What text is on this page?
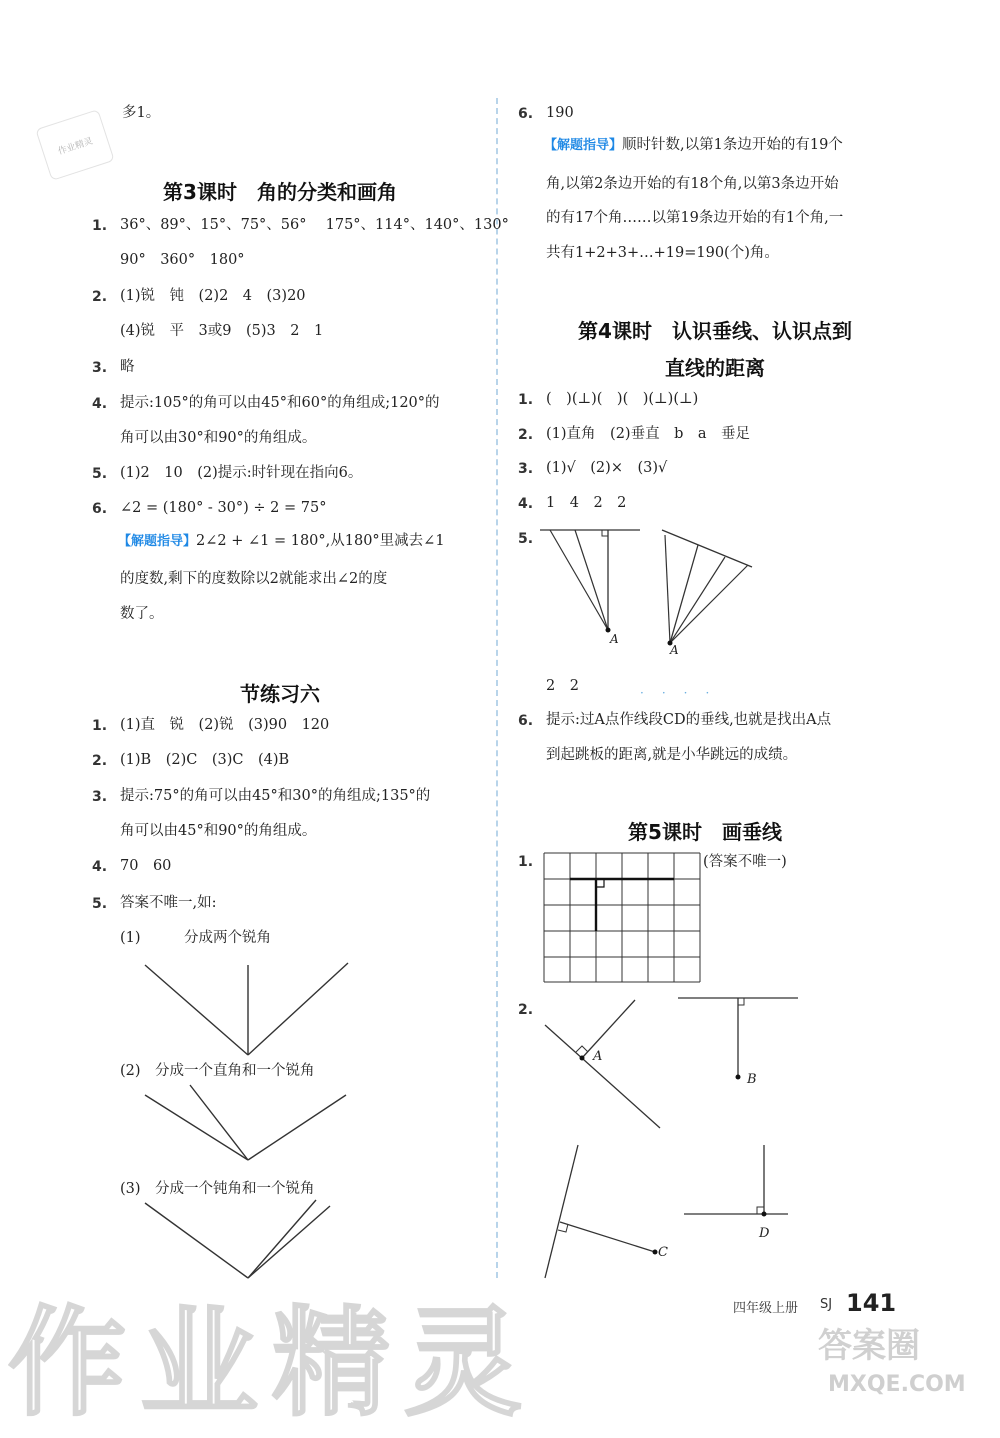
多1。
作业精灵
第3课时　角的分类和画角
1. 36°、89°、15°、75°、56°　 175°、114°、140°、130°
90°　360°　180°
2. (1)锐　钝　(2)2　4　(3)20
(4)锐　平　3或9　(5)3　2　1
3. 略
4. 提示:105°的角可以由45°和60°的角组成;120°的
角可以由30°和90°的角组成。
5. (1)2　10　(2)提示:时针现在指向6。
6. ∠2 = (180° - 30°) ÷ 2 = 75°
【解题指导】2∠2 + ∠1 = 180°,从180°里减去∠1
的度数,剩下的度数除以2就能求出∠2的度
数了。
节练习六
1. (1)直　锐　(2)锐　(3)90　120
2. (1)B　(2)C　(3)C　(4)B
3. 提示:75°的角可以由45°和30°的角组成;135°的
角可以由45°和90°的角组成。
4. 70　60
5. 答案不唯一,如:
(1)　　　分成两个锐角
(2)　分成一个直角和一个锐角
(3)　分成一个钝角和一个锐角
6. 190
【解题指导】顺时针数,以第1条边开始的有19个
角,以第2条边开始的有18个角,以第3条边开始
的有17个角……以第19条边开始的有1个角,一
共有1+2+3+…+19=190(个)角。
第4课时　认识垂线、认识点到
直线的距离
1. (　)(⊥)(　)(　)(⊥)(⊥)
2. (1)直角　(2)垂直　b　a　垂足
3. (1)√　(2)×　(3)√
4. 1　4　2　2
5.
A
A
2　2	····
6. 提示:过A点作线段CD的垂线,也就是找出A点
到起跳板的距离,就是小华跳远的成绩。
第5课时　画垂线
1.	(答案不唯一)
2.
A
B
C
D
作业精灵	四年级上册 SJ 141
答案圈
MXQE.COM
